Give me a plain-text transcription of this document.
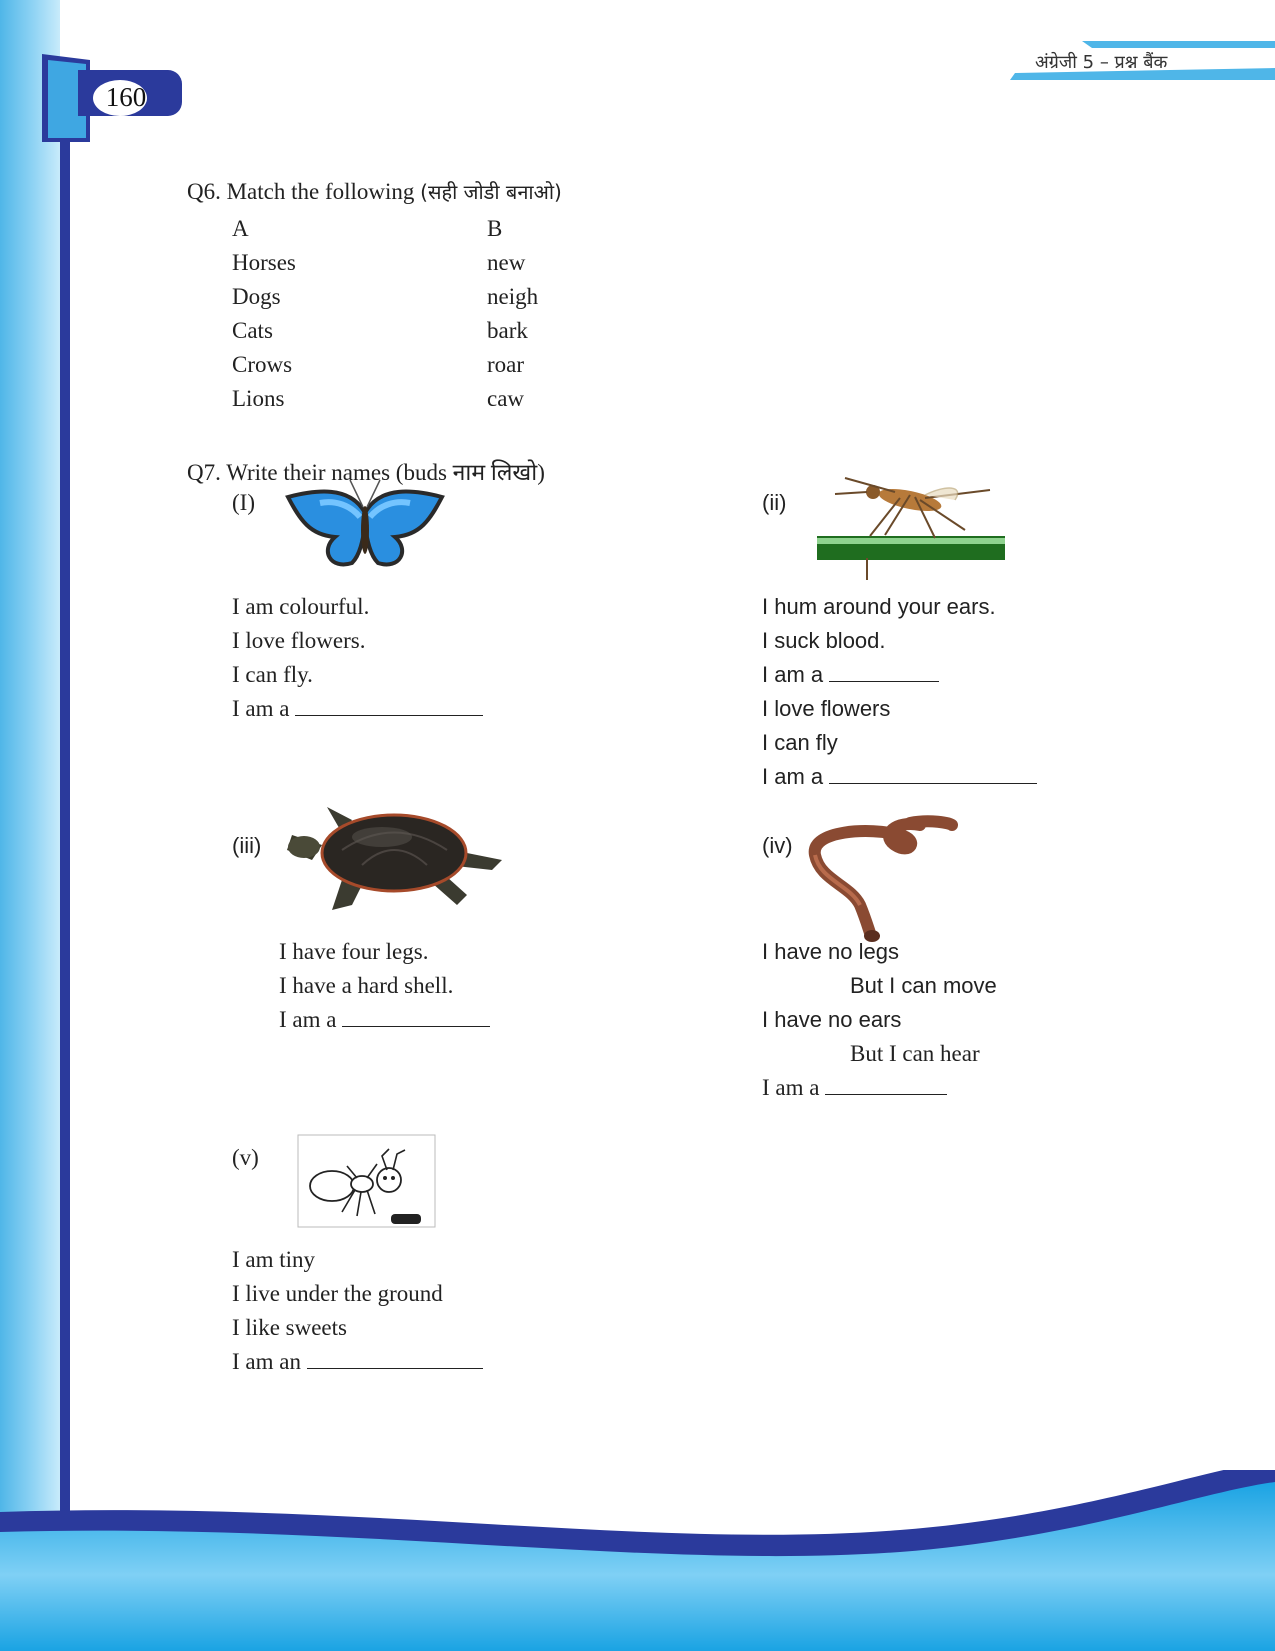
160
अंग्रेजी 5 – प्रश्न बैंक
Q6. Match the following (सही जोडी बनाओ)
A
Horses
Dogs
Cats
Crows
Lions
B
new
neigh
bark
roar
caw
Q7. Write their names (buds नाम लिखो)
(I)
I am colourful.
I love flowers.
I can fly.
I am a
(ii)
I hum around your ears.
I suck blood.
I am a
I love flowers
I can fly
I am a
(iii)
I have four legs.
I have a hard shell.
I am a
(iv)
I have no legs
But I can move
I have no ears
But I can hear
I am a
(v)
I am tiny
I live under the ground
I like sweets
I am an
